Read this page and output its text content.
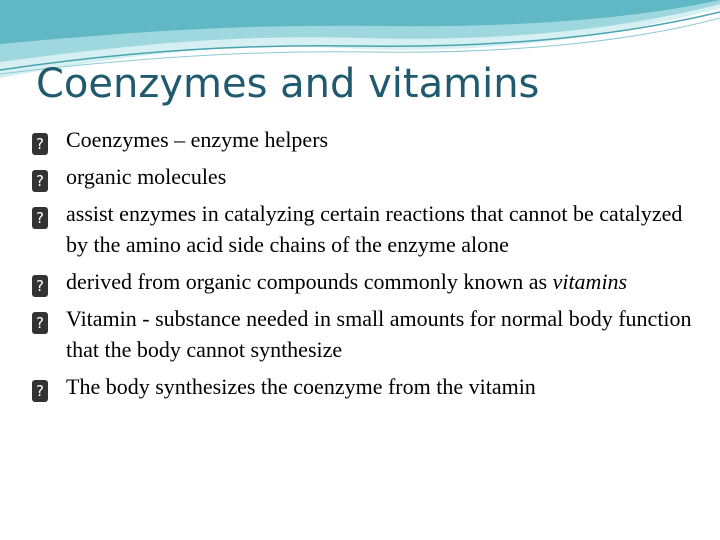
Coenzymes and vitamins
? Coenzymes – enzyme helpers
? organic molecules
? assist enzymes in catalyzing certain reactions that cannot be catalyzed by the amino acid side chains of the enzyme alone
? derived from organic compounds commonly known as vitamins
? Vitamin - substance needed in small amounts for normal body function that the body cannot synthesize
? The body synthesizes the coenzyme from the vitamin
